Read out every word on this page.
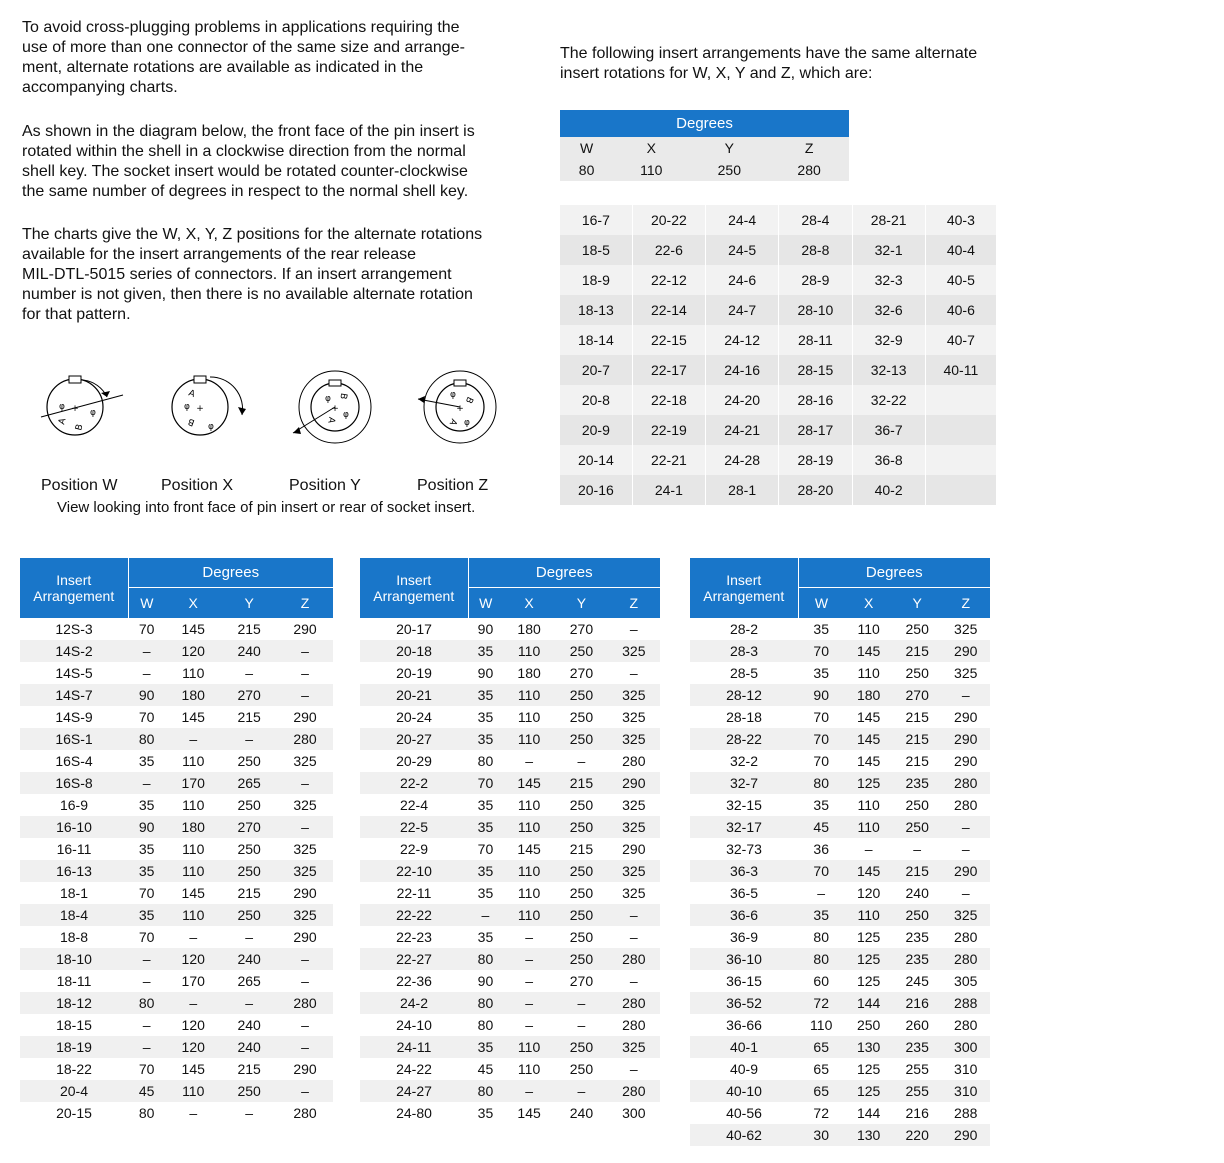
To avoid cross-plugging problems in applications requiring the
use of more than one connector of the same size and arrange-
ment, alternate rotations are available as indicated in the
accompanying charts.

As shown in the diagram below, the front face of the pin insert is
rotated within the shell in a clockwise direction from the normal
shell key. The socket insert would be rotated counter-clockwise
the same number of degrees in respect to the normal shell key.

The charts give the W, X, Y, Z positions for the alternate rotations
available for the insert arrangements of the rear release
MIL-DTL-5015 series of connectors. If an insert arrangement
number is not given, then there is no available alternate rotation
for that pattern.

+
A
B
φ
φ	+
A
B
φ
φ
+
B
A
φ
φ
+
B
A
φ
φ
Position W	Position X	Position Y	Position Z
View looking into front face of pin insert or rear of socket insert.

The following insert arrangements have the same alternate
insert rotations for W, X, Y and Z, which are:

Degrees			
W	X	Y	Z
80	110	250	280
16-7	20-22	24-4	28-4	28-21	40-3
18-5	22-6	24-5	28-8	32-1	40-4
18-9	22-12	24-6	28-9	32-3	40-5
18-13	22-14	24-7	28-10	32-6	40-6
18-14	22-15	24-12	28-11	32-9	40-7
20-7	22-17	24-16	28-15	32-13	40-11
20-8	22-18	24-20	28-16	32-22	
20-9	22-19	24-21	28-17	36-7	
20-14	22-21	24-28	28-19	36-8	
20-16	24-1	28-1	28-20	40-2	
Insert Arrangement	Degrees			
	W	X	Y	Z
12S-3	70	145	215	290
14S-2	–	120	240	–
14S-5	–	110	–	–
14S-7	90	180	270	–
14S-9	70	145	215	290
16S-1	80	–	–	280
16S-4	35	110	250	325
16S-8	–	170	265	–
16-9	35	110	250	325
16-10	90	180	270	–
16-11	35	110	250	325
16-13	35	110	250	325
18-1	70	145	215	290
18-4	35	110	250	325
18-8	70	–	–	290
18-10	–	120	240	–
18-11	–	170	265	–
18-12	80	–	–	280
18-15	–	120	240	–
18-19	–	120	240	–
18-22	70	145	215	290
20-4	45	110	250	–
20-15	80	–	–	280
Insert Arrangement	Degrees			
	W	X	Y	Z
20-17	90	180	270	–
20-18	35	110	250	325
20-19	90	180	270	–
20-21	35	110	250	325
20-24	35	110	250	325
20-27	35	110	250	325
20-29	80	–	–	280
22-2	70	145	215	290
22-4	35	110	250	325
22-5	35	110	250	325
22-9	70	145	215	290
22-10	35	110	250	325
22-11	35	110	250	325
22-22	–	110	250	–
22-23	35	–	250	–
22-27	80	–	250	280
22-36	90	–	270	–
24-2	80	–	–	280
24-10	80	–	–	280
24-11	35	110	250	325
24-22	45	110	250	–
24-27	80	–	–	280
24-80	35	145	240	300
Insert Arrangement	Degrees			
	W	X	Y	Z
28-2	35	110	250	325
28-3	70	145	215	290
28-5	35	110	250	325
28-12	90	180	270	–
28-18	70	145	215	290
28-22	70	145	215	290
32-2	70	145	215	290
32-7	80	125	235	280
32-15	35	110	250	280
32-17	45	110	250	–
32-73	36	–	–	–
36-3	70	145	215	290
36-5	–	120	240	–
36-6	35	110	250	325
36-9	80	125	235	280
36-10	80	125	235	280
36-15	60	125	245	305
36-52	72	144	216	288
36-66	110	250	260	280
40-1	65	130	235	300
40-9	65	125	255	310
40-10	65	125	255	310
40-56	72	144	216	288
40-62	30	130	220	290
